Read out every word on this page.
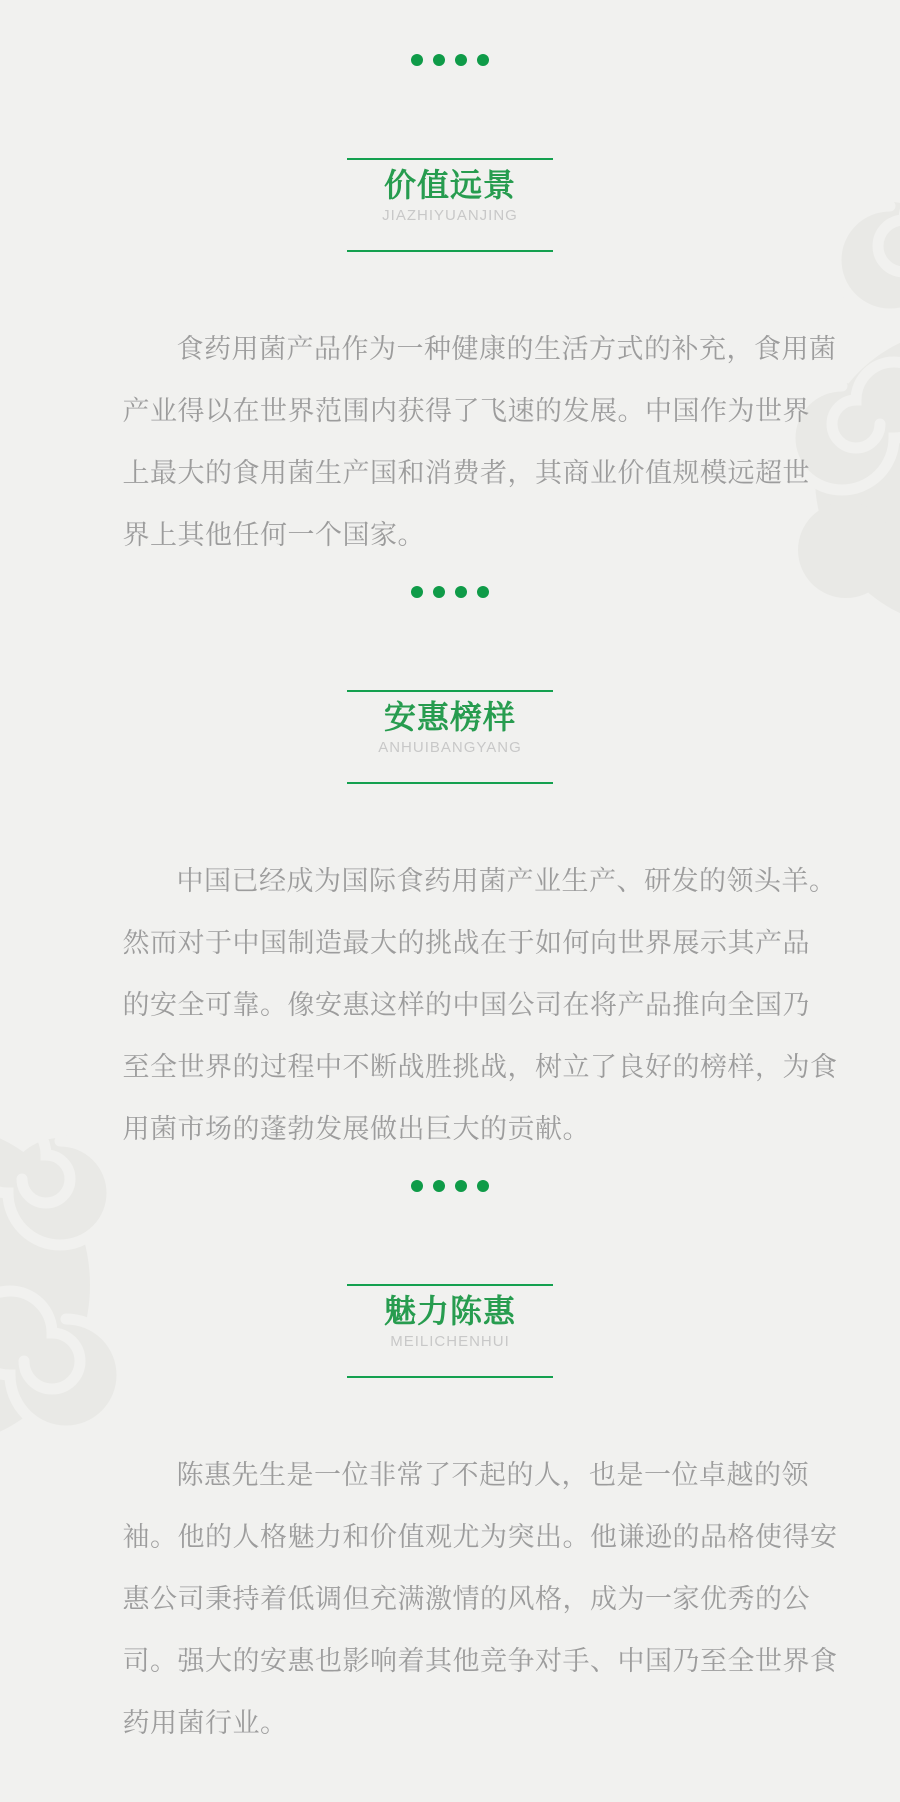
价值远景
JIAZHIYUANJING
食药用菌产品作为一种健康的生活方式的补充，食用菌
产业得以在世界范围内获得了飞速的发展。中国作为世界
上最大的食用菌生产国和消费者，其商业价值规模远超世
界上其他任何一个国家。
安惠榜样
ANHUIBANGYANG
中国已经成为国际食药用菌产业生产、研发的领头羊。
然而对于中国制造最大的挑战在于如何向世界展示其产品
的安全可靠。像安惠这样的中国公司在将产品推向全国乃
至全世界的过程中不断战胜挑战，树立了良好的榜样，为食
用菌市场的蓬勃发展做出巨大的贡献。
魅力陈惠
MEILICHENHUI
陈惠先生是一位非常了不起的人，也是一位卓越的领
袖。他的人格魅力和价值观尤为突出。他谦逊的品格使得安
惠公司秉持着低调但充满激情的风格，成为一家优秀的公
司。强大的安惠也影响着其他竞争对手、中国乃至全世界食
药用菌行业。
